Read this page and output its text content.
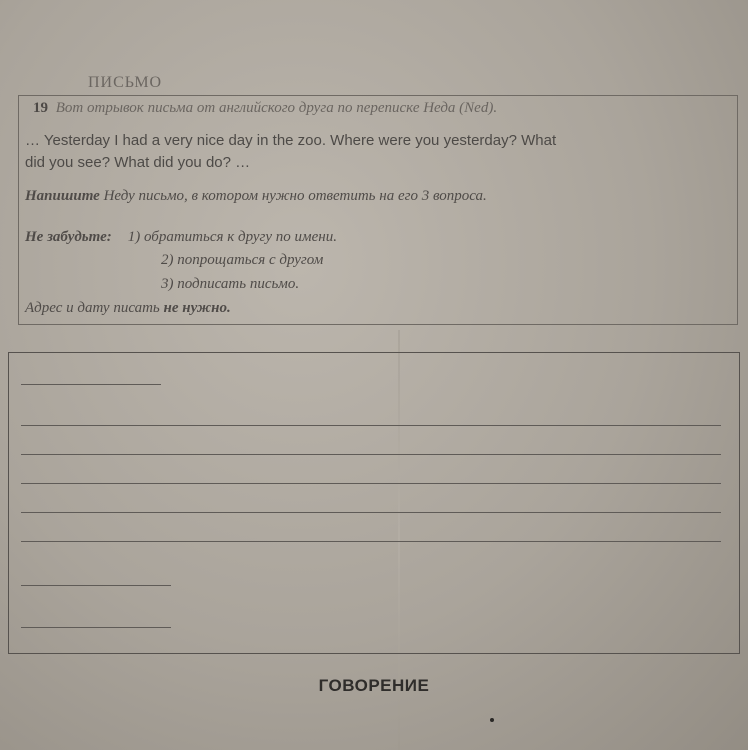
ПИСЬМО
19 Вот отрывок письма от английского друга по переписке Неда (Ned).
… Yesterday I had a very nice day in the zoo. Where were you yesterday? What
did you see? What did you do? …
Напишите Неду письмо, в котором нужно ответить на его 3 вопроса.
Не забудьте: 1) обратиться к другу по имени.
2) попрощаться с другом
3) подписать письмо.
Адрес и дату писать не нужно.
ГОВОРЕНИЕ
